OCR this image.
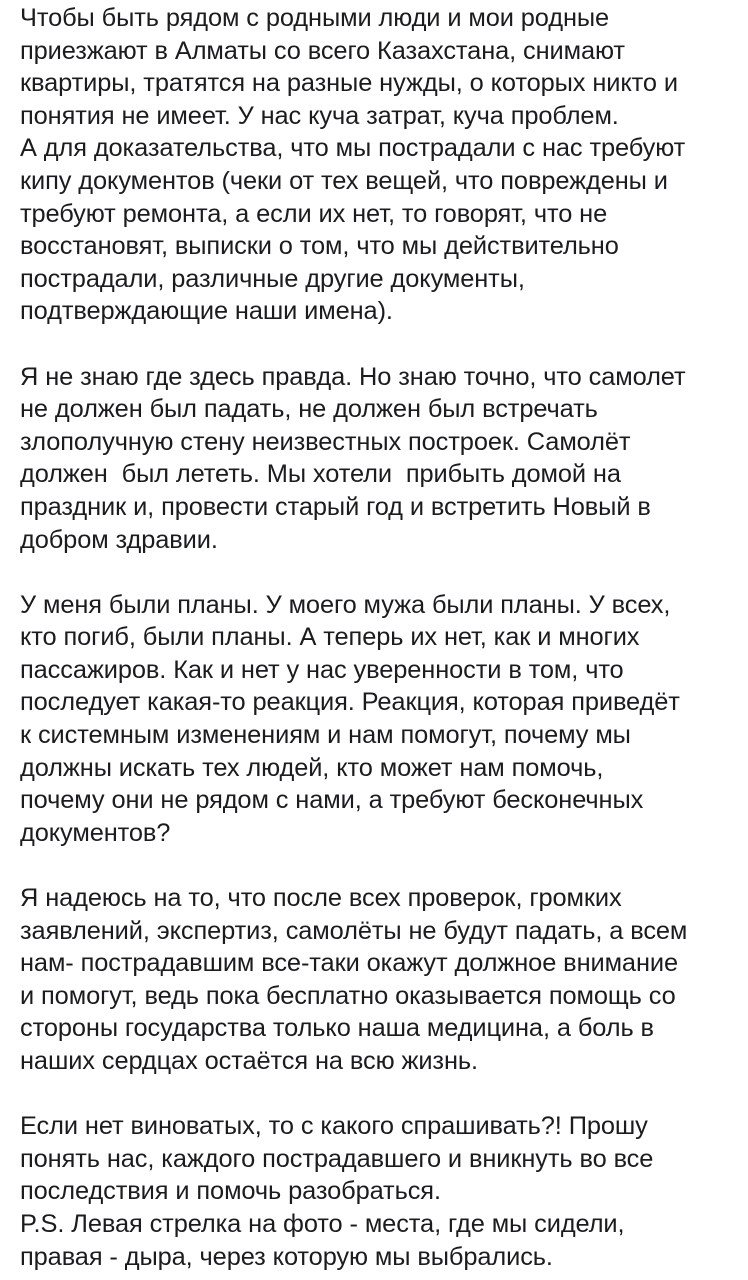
Чтобы быть рядом с родными люди и мои родные
приезжают в Алматы со всего Казахстана, снимают
квартиры, тратятся на разные нужды, о которых никто и
понятия не имеет. У нас куча затрат, куча проблем.
А для доказательства, что мы пострадали с нас требуют
кипу документов (чеки от тех вещей, что повреждены и
требуют ремонта, а если их нет, то говорят, что не
восстановят, выписки о том, что мы действительно
пострадали, различные другие документы,
подтверждающие наши имена).
Я не знаю где здесь правда. Но знаю точно, что самолет
не должен был падать, не должен был встречать
злополучную стену неизвестных построек. Самолёт
должен  был лететь. Мы хотели  прибыть домой на
праздник и, провести старый год и встретить Новый в
добром здравии.
У меня были планы. У моего мужа были планы. У всех,
кто погиб, были планы. А теперь их нет, как и многих
пассажиров. Как и нет у нас уверенности в том, что
последует какая-то реакция. Реакция, которая приведёт
к системным изменениям и нам помогут, почему мы
должны искать тех людей, кто может нам помочь,
почему они не рядом с нами, а требуют бесконечных
документов?
Я надеюсь на то, что после всех проверок, громких
заявлений, экспертиз, самолёты не будут падать, а всем
нам- пострадавшим все-таки окажут должное внимание
и помогут, ведь пока бесплатно оказывается помощь со
стороны государства только наша медицина, а боль в
наших сердцах остаётся на всю жизнь.
Если нет виноватых, то с какого спрашивать?! Прошу
понять нас, каждого пострадавшего и вникнуть во все
последствия и помочь разобраться.
P.S. Левая стрелка на фото - места, где мы сидели,
правая - дыра, через которую мы выбрались.
